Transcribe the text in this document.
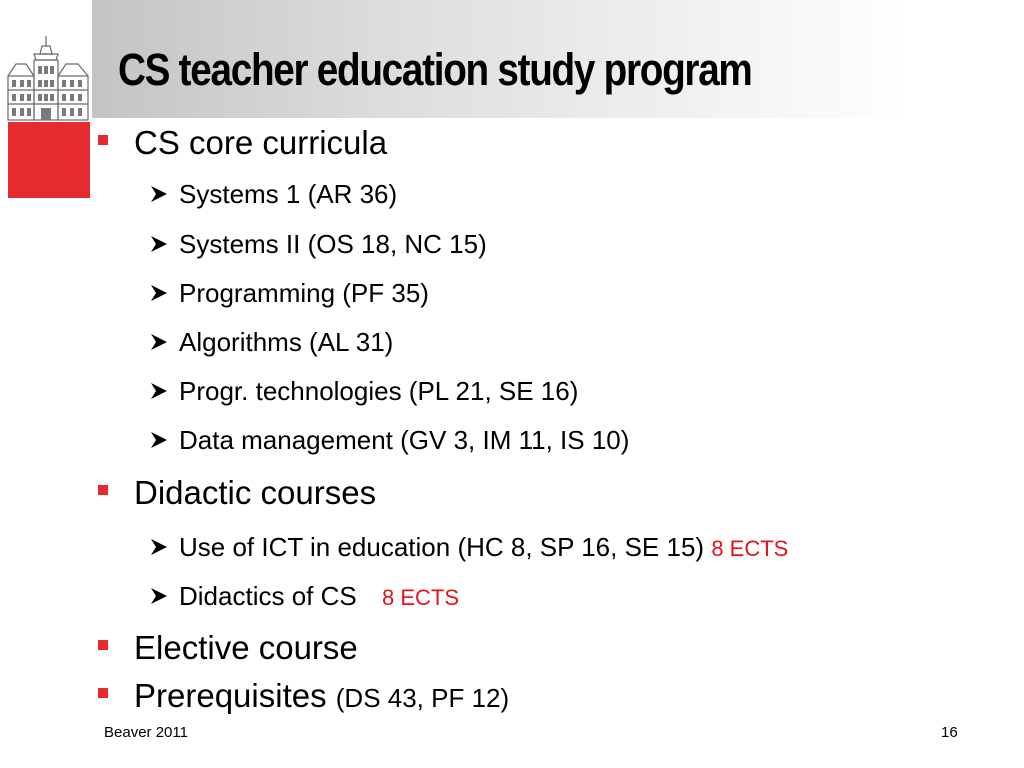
CS teacher education study program
CS core curricula
Systems 1 (AR 36)
Systems II (OS 18, NC 15)
Programming (PF 35)
Algorithms (AL 31)
Progr. technologies (PL 21, SE 16)
Data management (GV 3, IM 11, IS 10)
Didactic courses
Use of ICT in education (HC 8, SP 16, SE 15) 8 ECTS
Didactics of CS 8 ECTS
Elective course
Prerequisites (DS 43, PF 12)
Beaver 2011	16
